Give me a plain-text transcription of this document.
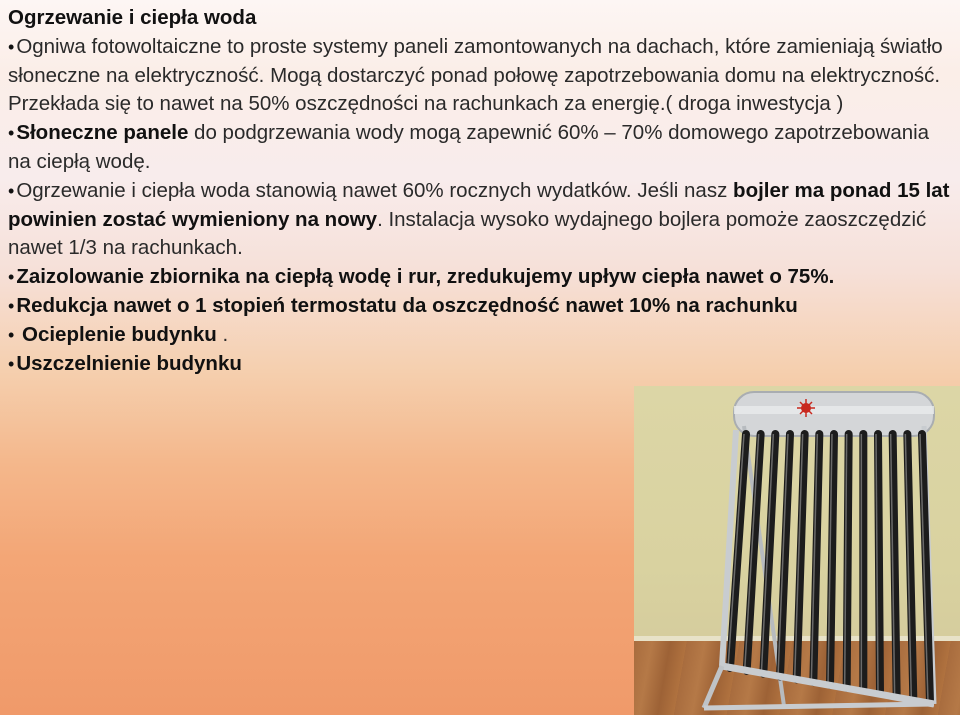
Ogrzewanie i ciepła woda
•Ogniwa fotowoltaiczne to proste systemy paneli zamontowanych na dachach, które zamieniają światło słoneczne na elektryczność. Mogą dostarczyć ponad połowę zapotrzebowania domu na elektryczność. Przekłada się to nawet na 50% oszczędności na rachunkach za energię.( droga inwestycja )
•Słoneczne panele do podgrzewania wody mogą zapewnić 60% – 70% domowego zapotrzebowania na ciepłą wodę.
•Ogrzewanie i ciepła woda stanowią nawet 60% rocznych wydatków. Jeśli nasz bojler ma ponad 15 lat powinien zostać wymieniony na nowy. Instalacja wysoko wydajnego bojlera pomoże zaoszczędzić nawet 1/3 na rachunkach.
•Zaizolowanie zbiornika na ciepłą wodę i rur, zredukujemy upływ ciepła nawet o 75%.
•Redukcja nawet o 1 stopień termostatu da oszczędność nawet 10% na rachunku
• Ocieplenie budynku .
•Uszczelnienie budynku
